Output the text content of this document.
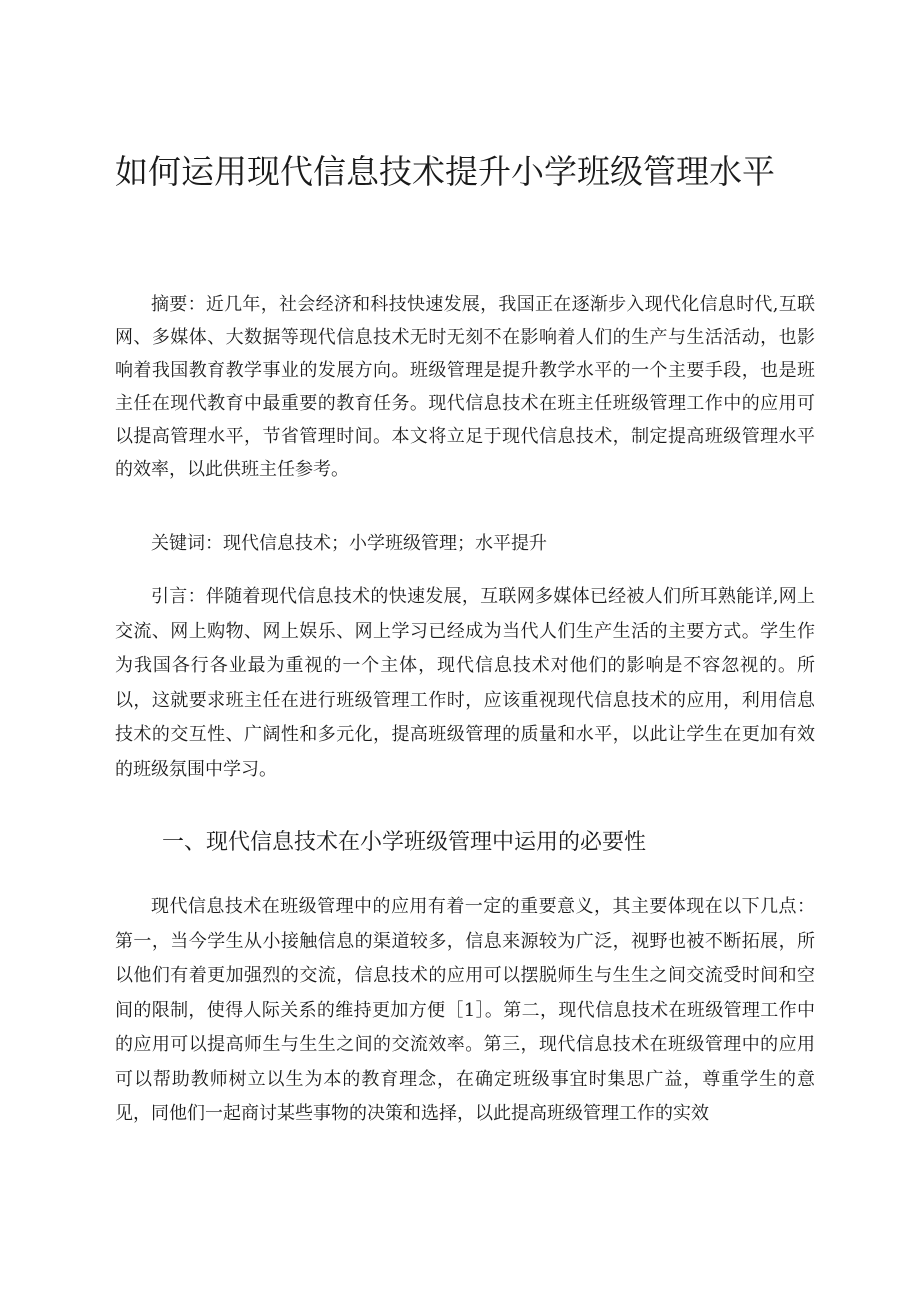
如何运用现代信息技术提升小学班级管理水平

摘要：近几年，社会经济和科技快速发展，我国正在逐渐步入现代化信息时代,互联网、多媒体、大数据等现代信息技术无时无刻不在影响着人们的生产与生活活动，也影响着我国教育教学事业的发展方向。班级管理是提升教学水平的一个主要手段，也是班主任在现代教育中最重要的教育任务。现代信息技术在班主任班级管理工作中的应用可以提高管理水平，节省管理时间。本文将立足于现代信息技术，制定提高班级管理水平的效率，以此供班主任参考。

关键词：现代信息技术；小学班级管理；水平提升

引言：伴随着现代信息技术的快速发展，互联网多媒体已经被人们所耳熟能详,网上交流、网上购物、网上娱乐、网上学习已经成为当代人们生产生活的主要方式。学生作为我国各行各业最为重视的一个主体，现代信息技术对他们的影响是不容忽视的。所以，这就要求班主任在进行班级管理工作时，应该重视现代信息技术的应用，利用信息技术的交互性、广阔性和多元化，提高班级管理的质量和水平，以此让学生在更加有效的班级氛围中学习。

一、现代信息技术在小学班级管理中运用的必要性

现代信息技术在班级管理中的应用有着一定的重要意义，其主要体现在以下几点：第一，当今学生从小接触信息的渠道较多，信息来源较为广泛，视野也被不断拓展，所以他们有着更加强烈的交流，信息技术的应用可以摆脱师生与生生之间交流受时间和空间的限制，使得人际关系的维持更加方便［1］。第二，现代信息技术在班级管理工作中的应用可以提高师生与生生之间的交流效率。第三，现代信息技术在班级管理中的应用可以帮助教师树立以生为本的教育理念，在确定班级事宜时集思广益，尊重学生的意见，同他们一起商讨某些事物的决策和选择，以此提高班级管理工作的实效
